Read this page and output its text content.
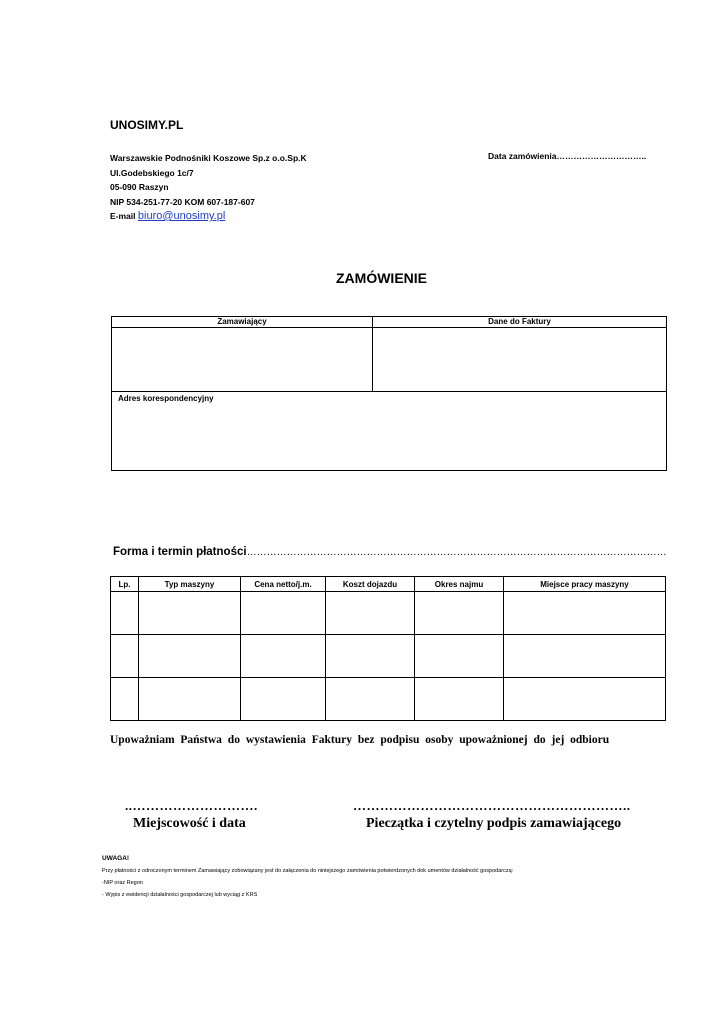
UNOSIMY.PL
Warszawskie Podnośniki Koszowe Sp.z o.o.Sp.K
Ul.Godebskiego 1c/7
05-090 Raszyn
NIP 534-251-77-20 KOM 607-187-607
E-mail biuro@unosimy.pl
Data zamówienia…………………………..
ZAMÓWIENIE
Zamawiający	Dane do Faktury

Adres korespondencyjny	
Forma i termin płatności………………………………………………………………………………………………………………
Lp.	Typ maszyny	Cena netto/j.m.	Koszt dojazdu	Okres najmu	Miejsce pracy maszyny

Upoważniam Państwa do wystawienia Faktury bez podpisu osoby upoważnionej do jej odbioru
..……………………….	……………………………………………………..
Miejscowość i data	Pieczątka i czytelny podpis zamawiającego
UWAGA!
Przy płatności z odroczonym terminem Zamawiający zobowiązany jest do załączenia do niniejszego zamówienia potwierdzonych dok umentów działalność gospodarczą:
-NIP oraz Regon
- Wypis z ewidencji działalności gospodarczej lub wyciąg z KRS
